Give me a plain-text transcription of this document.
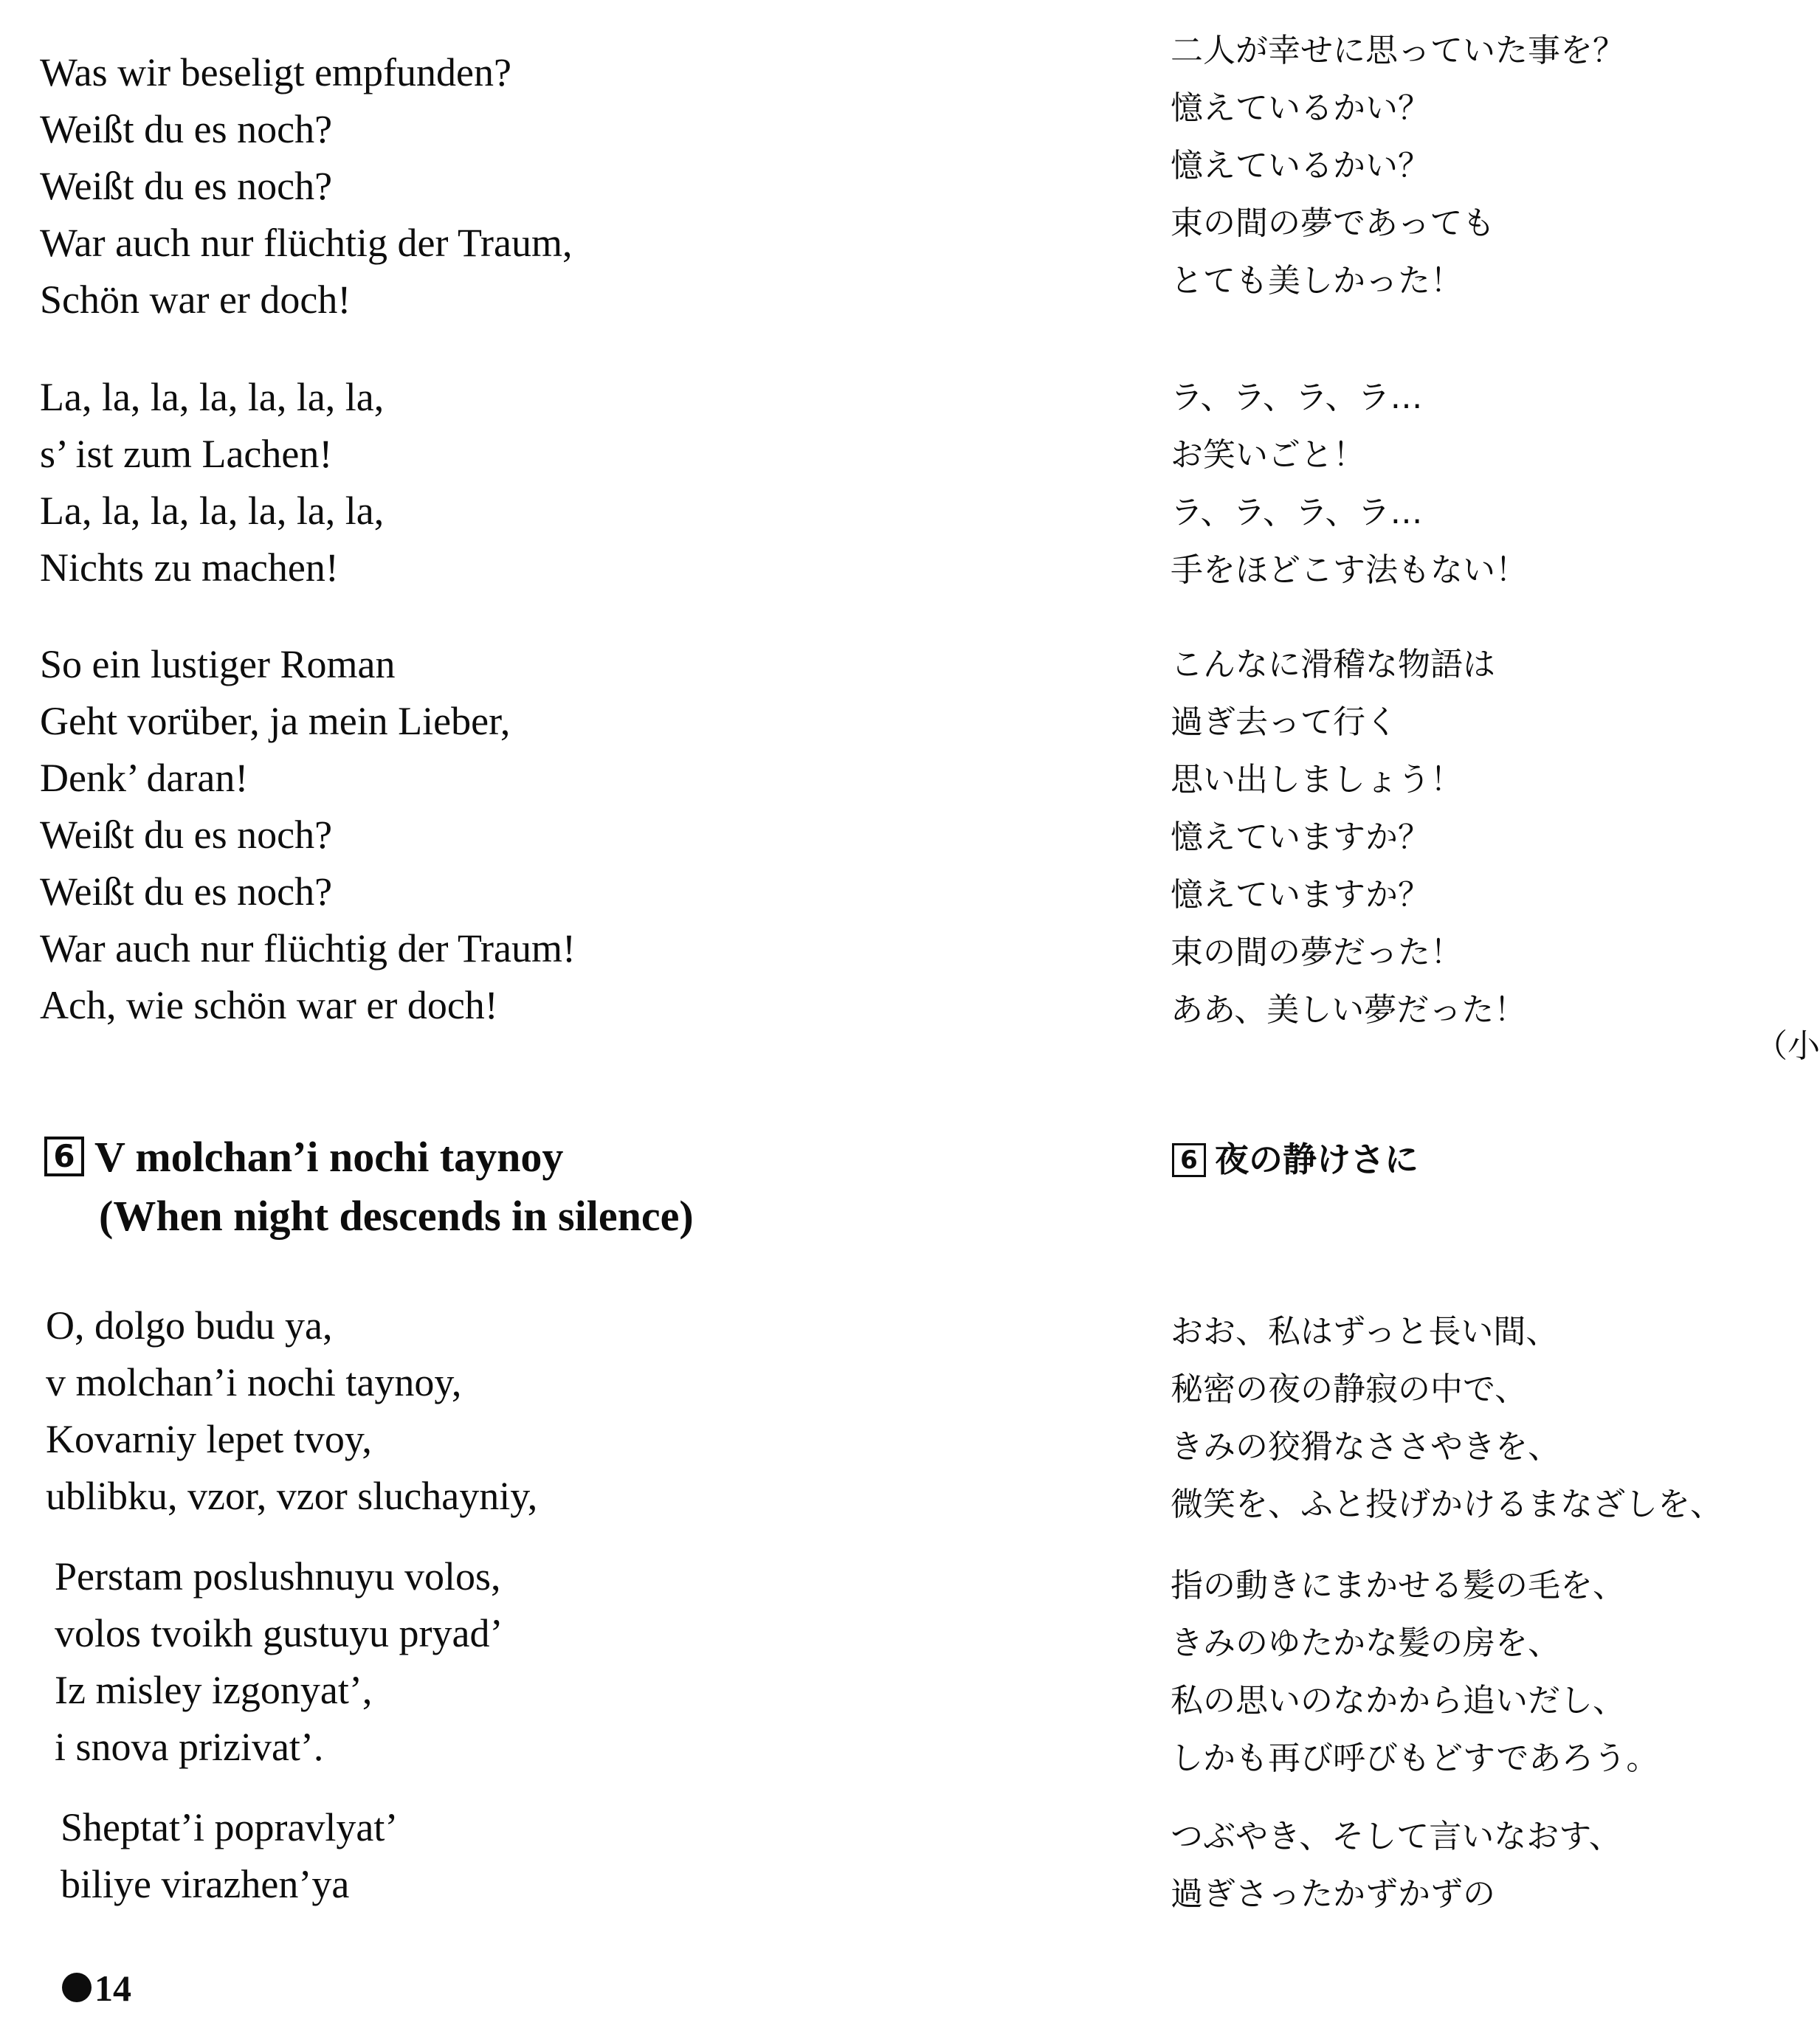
Was wir beseligt empfunden?
Weißt du es noch?
Weißt du es noch?
War auch nur flüchtig der Traum,
Schön war er doch!
La, la, la, la, la, la, la,
s’ ist zum Lachen!
La, la, la, la, la, la, la,
Nichts zu machen!
So ein lustiger Roman
Geht vorüber, ja mein Lieber,
Denk’ daran!
Weißt du es noch?
Weißt du es noch?
War auch nur flüchtig der Traum!
Ach, wie schön war er doch!
二人が幸せに思っていた事を？
憶えているかい？
憶えているかい？
束の間の夢であっても
とても美しかった！
ラ、ラ、ラ、ラ…
お笑いごと！
ラ、ラ、ラ、ラ…
手をほどこす法もない！
こんなに滑稽な物語は
過ぎ去って行く
思い出しましょう！
憶えていますか？
憶えていますか？
束の間の夢だった！
ああ、美しい夢だった！
（小
6 V molchan’i nochi taynoy
(When night descends in silence)
6 夜の静けさに
O, dolgo budu ya,
v molchan’i nochi taynoy,
Kovarniy lepet tvoy,
ublibku, vzor, vzor sluchayniy,
Perstam poslushnuyu volos,
volos tvoikh gustuyu pryad’
Iz misley izgonyat’,
i snova prizivat’.
Sheptat’i popravlyat’
biliye virazhen’ya
おお、私はずっと長い間、
秘密の夜の静寂の中で、
きみの狡猾なささやきを、
微笑を、ふと投げかけるまなざしを、
指の動きにまかせる髪の毛を、
きみのゆたかな髪の房を、
私の思いのなかから追いだし、
しかも再び呼びもどすであろう。
つぶやき、そして言いなおす、
過ぎさったかずかずの
14
